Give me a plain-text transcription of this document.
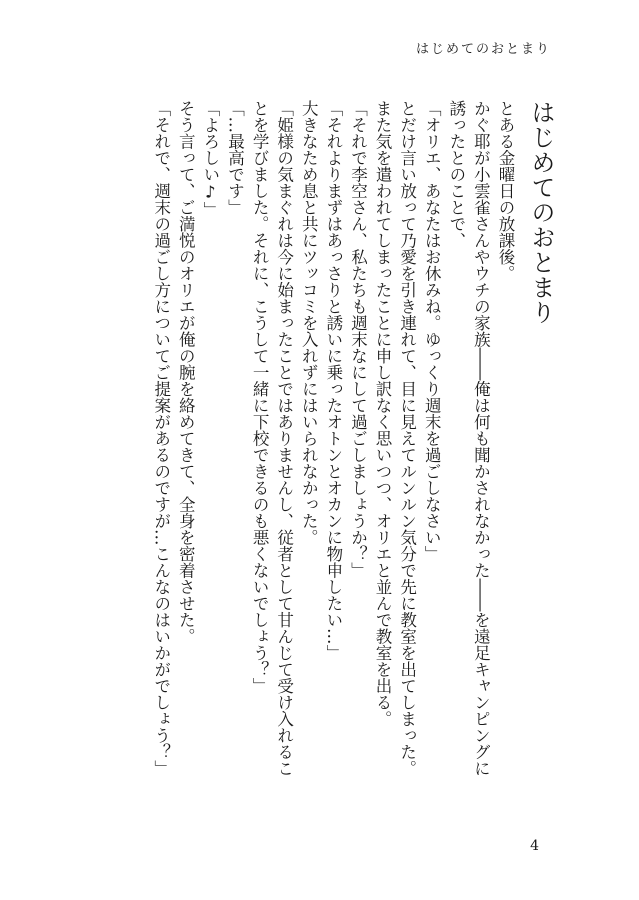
はじめてのおとまり
はじめてのおとまり

とある金曜日の放課後。

かぐ耶が小雲雀さんやウチの家族――俺は何も聞かされなかった――を遠足キャンピングに

誘ったとのことで、

「オリエ、あなたはお休みね。ゆっくり週末を過ごしなさい」

とだけ言い放って乃愛を引き連れて、目に見えてルンルン気分で先に教室を出てしまった。

また気を遣われてしまったことに申し訳なく思いつつ、オリエと並んで教室を出る。

「それで李空さん、私たちも週末なにして過ごしましょうか？」

「それよりまずはあっさりと誘いに乗ったオトンとオカンに物申したい…」

大きなため息と共にツッコミを入れずにはいられなかった。

「姫様の気まぐれは今に始まったことではありませんし、従者として甘んじて受け入れるこ

とを学びました。それに、こうして一緒に下校できるのも悪くないでしょう？」

「…最高です」

「よろしい♪」

そう言って、ご満悦のオリエが俺の腕を絡めてきて、全身を密着させた。

「それで、週末の過ごし方についてご提案があるのですが…こんなのはいかがでしょう？」

4
